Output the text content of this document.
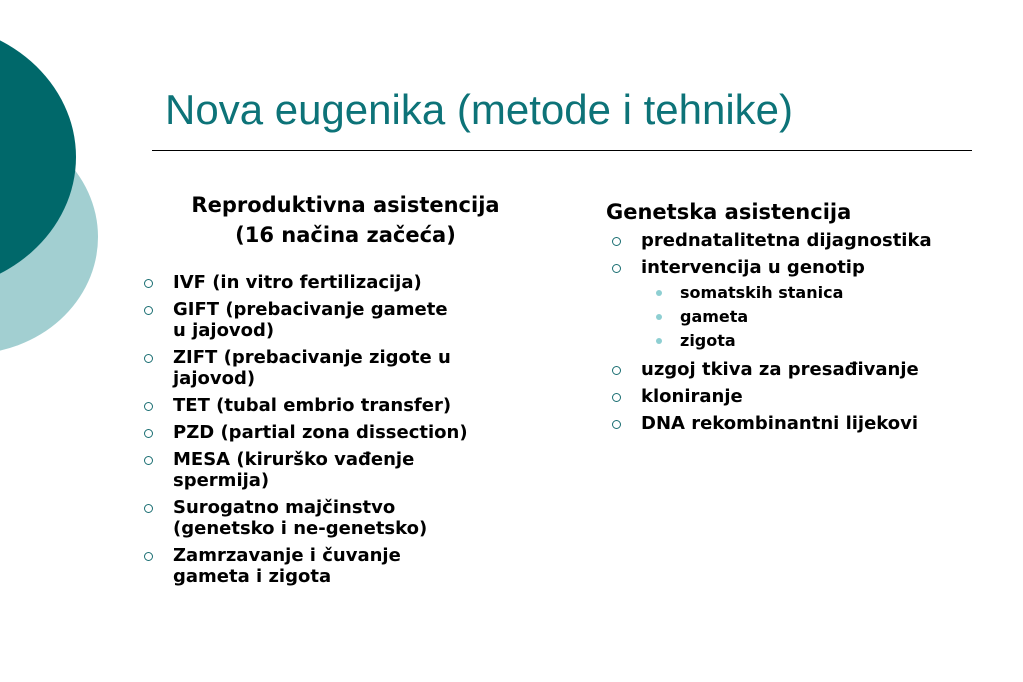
Nova eugenika (metode i tehnike)

Reproduktivna asistencija

(16 načina začeća)

IVF (in vitro fertilizacija)
GIFT (prebacivanje gamete
u jajovod)
ZIFT (prebacivanje zigote u
jajovod)
TET (tubal embrio transfer)
PZD (partial zona dissection)
MESA (kirurško vađenje
spermija)
Surogatno majčinstvo
(genetsko i ne-genetsko)
Zamrzavanje i čuvanje
gameta i zigota

Genetska asistencija

prednatalitetna dijagnostika
intervencija u genotip
somatskih stanica
gameta
zigota
uzgoj tkiva za presađivanje
kloniranje
DNA rekombinantni lijekovi
